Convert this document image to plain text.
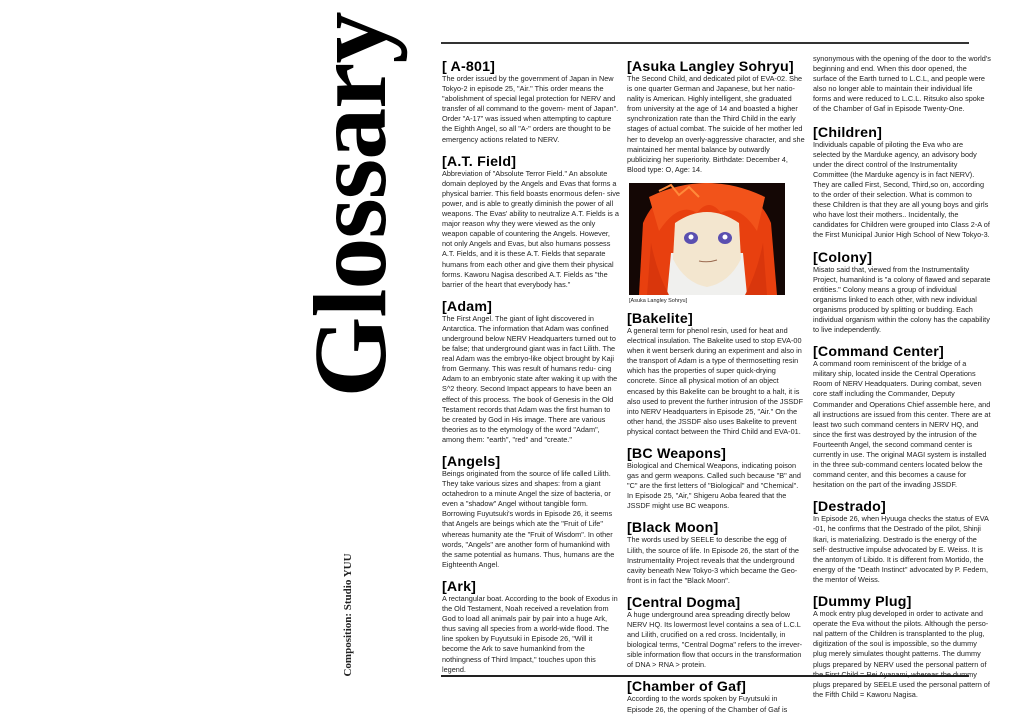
Glossary
Composition: Studio YUU
[ A-801]

The order issued by the government of Japan in New Tokyo-2 in episode 25, "Air." This order means the "abolishment of special legal protection for NERV and transfer of all command to the govern- ment of Japan". Order "A-17" was issued when attempting to capture the Eighth Angel, so all "A-" orders are thought to be emergency actions related to NERV.

[A.T. Field]

Abbreviation of "Absolute Terror Field." An absolute domain deployed by the Angels and Evas that forms a physical barrier. This field boasts enormous defen- sive power, and is able to greatly diminish the power of all weapons. The Evas' ability to neutralize A.T. Fields is a major reason why they were viewed as the only weapon capable of countering the Angels. However, not only Angels and Evas, but also humans possess A.T. Fields, and it is these A.T. Fields that separate humans from each other and give them their physical forms. Kaworu Nagisa described A.T. Fields as "the barrier of the heart that everybody has."

[Adam]

The First Angel. The giant of light discovered in Antarctica. The information that Adam was confined underground below NERV Headquarters turned out to be false; that underground giant was in fact Lilith. The real Adam was the embryo-like object brought by Kaji from Germany. This was result of humans redu- cing Adam to an embryonic state after waking it up with the S^2 theory. Second Impact appears to have been an effect of this process. The book of Genesis in the Old Testament records that Adam was the first human to be created by God in His image. There are various theories as to the etymology of the word "Adam", among them: "earth", "red" and "create."

[Angels]

Beings originated from the source of life called Lilith. They take various sizes and shapes: from a giant octahedron to a minute Angel the size of bacteria, or even a "shadow" Angel without tangible form. Borrowing Fuyutsuki's words in Episode 26, it seems that Angels are beings which ate the "Fruit of Life" whereas humanity ate the "Fruit of Wisdom". In other words, "Angels" are another form of humankind with the same potential as humans. Thus, humans are the Eighteenth Angel.

[Ark]

A rectangular boat. According to the book of Exodus in the Old Testament, Noah received a revelation from God to load all animals pair by pair into a huge Ark, thus saving all species from a world-wide flood. The line spoken by Fuyutsuki in Episode 26, "Will it become the Ark to save humankind from the nothingness of Third Impact," touches upon this legend.

[Asuka Langley Sohryu]

The Second Child, and dedicated pilot of EVA-02. She is one quarter German and Japanese, but her natio- nality is American. Highly intelligent, she graduated from university at the age of 14 and boasted a higher synchronization rate than the Third Child in the early stages of actual combat. The suicide of her mother led her to develop an overly-aggressive character, and she maintained her mental balance by outwardly publicizing her superiority. Birthdate: December 4, Blood type: O, Age: 14.

[Asuka Langley Sohryu]
[Bakelite]

A general term for phenol resin, used for heat and electrical insulation. The Bakelite used to stop EVA-00 when it went berserk during an experiment and also in the transport of Adam is a type of thermosetting resin which has the properties of super quick-drying concrete. Since all physical motion of an object encased by this Bakelite can be brought to a halt, it is also used to prevent the further intrusion of the JSSDF into NERV Headquarters in Episode 25, "Air." On the other hand, the JSSDF also uses Bakelite to prevent physical contact between the Third Child and EVA-01.

[BC Weapons]

Biological and Chemical Weapons, indicating poison gas and germ weapons. Called such because "B" and "C" are the first letters of "Biological" and "Chemical". In Episode 25, "Air," Shigeru Aoba feared that the JSSDF might use BC weapons.

[Black Moon]

The words used by SEELE to describe the egg of Lilith, the source of life. In Episode 26, the start of the Instrumentality Project reveals that the underground cavity beneath New Tokyo-3 which became the Geo- front is in fact the "Black Moon".

[Central Dogma]

A huge underground area spreading directly below NERV HQ. Its lowermost level contains a sea of L.C.L and Lilith, crucified on a red cross. Incidentally, in biological terms, "Central Dogma" refers to the irrever- sible information flow that occurs in the transformation of DNA > RNA > protein.

[Chamber of Gaf]

According to the words spoken by Fuyutsuki in Episode 26, the opening of the Chamber of Gaf is

synonymous with the opening of the door to the world's beginning and end. When this door opened, the surface of the Earth turned to L.C.L, and people were also no longer able to maintain their individual life forms and were reduced to L.C.L. Ritsuko also spoke of the Chamber of Gaf in Episode Twenty-One.

[Children]

Individuals capable of piloting the Eva who are selected by the Marduke agency, an advisory body under the direct control of the Instrumentality Committee (the Marduke agency is in fact NERV). They are called First, Second, Third,so on, according to the order of their selection. What is common to these Children is that they are all young boys and girls who have lost their mothers.. Incidentally, the candidates for Children were grouped into Class 2-A of the First Municipal Junior High School of New Tokyo-3.

[Colony]

Misato said that, viewed from the Instrumentality Project, humankind is "a colony of flawed and separate entities." Colony means a group of individual organisms linked to each other, with new individual organisms produced by splitting or budding. Each individual organism within the colony has the capability to live independently.

[Command Center]

A command room reminiscent of the bridge of a military ship, located inside the Central Operations Room of NERV Headquaters. During combat, seven core staff including the Commander, Deputy Commander and Operations Chief assemble here, and all instructions are issued from this center. There are at least two such command centers in NERV HQ, and since the first was destroyed by the intrusion of the Fourteenth Angel, the second command center is currently in use. The original MAGI system is installed in the three sub-command centers located below the command center, and this becomes a cause for hesitation on the part of the invading JSSDF.

[Destrado]

In Episode 26, when Hyuuga checks the status of EVA -01, he confirms that the Destrado of the pilot, Shinji Ikari, is materializing. Destrado is the energy of the self- destructive impulse advocated by E. Weiss. It is the antonym of Libido. It is different from Mortido, the energy of the "Death Instinct" advocated by P. Federn, the mentor of Weiss.

[Dummy Plug]

A mock entry plug developed in order to activate and operate the Eva without the pilots. Although the perso- nal pattern of the Children is transplanted to the plug, digitization of the soul is impossible, so the dummy plug merely simulates thought patterns. The dummy plugs prepared by NERV used the personal pattern of the First Child = Rei Ayanami, whereas the dummy plugs prepared by SEELE used the personal pattern of the Fifth Child = Kaworu Nagisa.
